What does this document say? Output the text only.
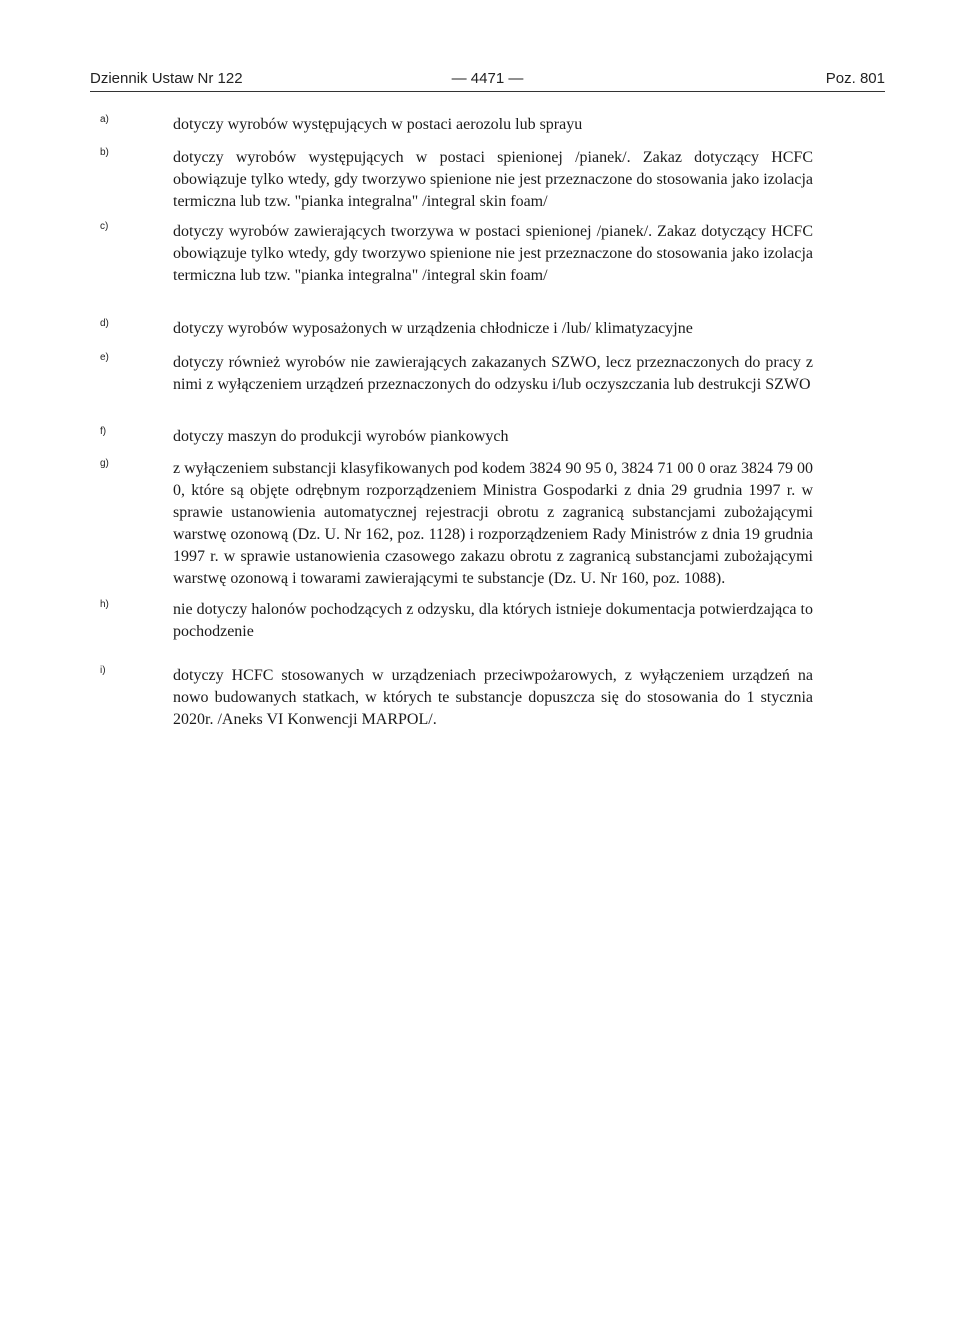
Dziennik Ustaw Nr 122	— 4471 —	Poz. 801
a)	dotyczy wyrobów występujących w postaci aerozolu lub sprayu
b)	dotyczy wyrobów występujących w postaci spienionej /pianek/. Zakaz dotyczący HCFC obowiązuje tylko wtedy, gdy tworzywo spienione nie jest przeznaczone do stosowania jako izolacja termiczna lub tzw. "pianka integralna" /integral skin foam/
c)	dotyczy wyrobów zawierających tworzywa w postaci spienionej /pianek/. Zakaz dotyczący HCFC obowiązuje tylko wtedy, gdy tworzywo spienione nie jest przeznaczone do stosowania jako izolacja termiczna lub tzw. "pianka integralna" /integral skin foam/
d)	dotyczy wyrobów wyposażonych w urządzenia chłodnicze i /lub/ klimatyzacyjne
e)	dotyczy również wyrobów nie zawierających zakazanych SZWO, lecz przeznaczonych do pracy z nimi z wyłączeniem urządzeń przeznaczonych do odzysku i/lub oczyszczania lub destrukcji SZWO
f)	dotyczy maszyn do produkcji wyrobów piankowych
g)	z wyłączeniem substancji klasyfikowanych pod kodem 3824 90 95 0, 3824 71 00 0 oraz 3824 79 00 0, które są objęte odrębnym rozporządzeniem Ministra Gospodarki z dnia 29 grudnia 1997 r. w sprawie ustanowienia automatycznej rejestracji obrotu z zagranicą substancjami zubożającymi warstwę ozonową (Dz. U. Nr 162, poz. 1128) i rozporządzeniem Rady Ministrów z dnia 19 grudnia 1997 r. w sprawie ustanowienia czasowego zakazu obrotu z zagranicą substancjami zubożającymi warstwę ozonową i towarami zawierającymi te substancje (Dz. U. Nr 160, poz. 1088).
h)	nie dotyczy halonów pochodzących z odzysku, dla których istnieje dokumentacja potwierdzająca to pochodzenie
i)	dotyczy HCFC stosowanych w urządzeniach przeciwpożarowych, z wyłączeniem urządzeń na nowo budowanych statkach, w których te substancje dopuszcza się do stosowania do 1 stycznia 2020r. /Aneks VI Konwencji MARPOL/.
